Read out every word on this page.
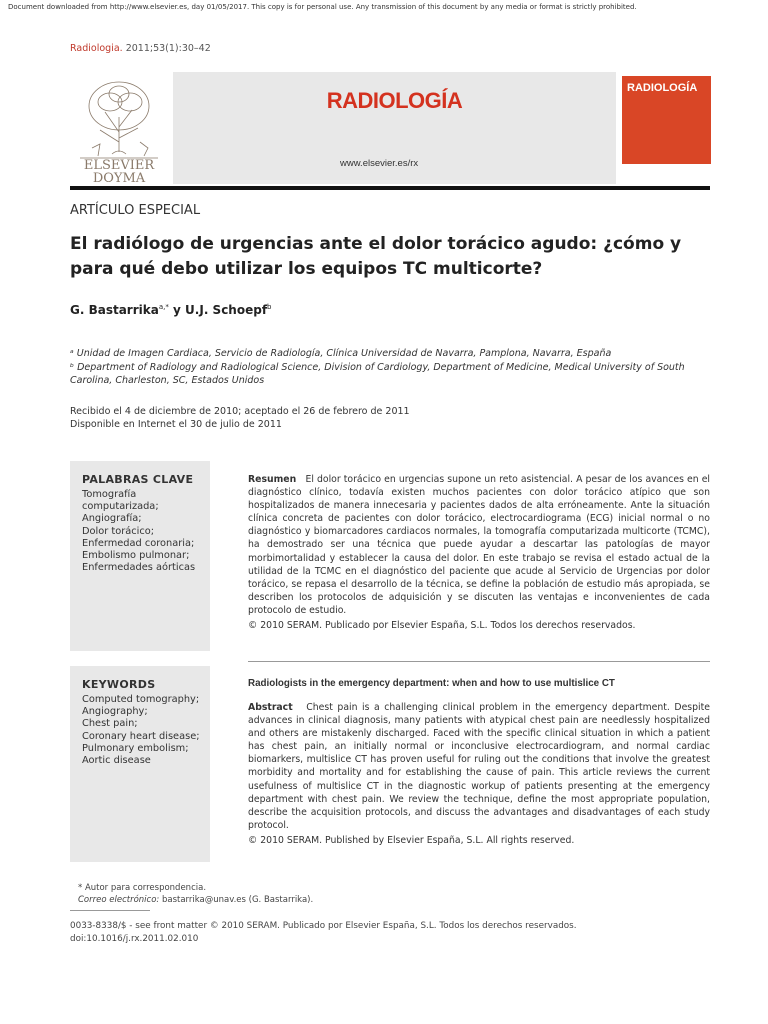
Document downloaded from http://www.elsevier.es, day 01/05/2017. This copy is for personal use. Any transmission of this document by any media or format is strictly prohibited.
Radiologia. 2011;53(1):30–42
ELSEVIER
DOYMA
RADIOLOGÍA
www.elsevier.es/rx
RADIOLOGÍA
ARTÍCULO ESPECIAL
El radiólogo de urgencias ante el dolor torácico agudo: ¿cómo y para qué debo utilizar los equipos TC multicorte?
G. Bastarrika$^{a,*}$ y U.J. Schoepf$^b$
ᵃ Unidad de Imagen Cardiaca, Servicio de Radiología, Clínica Universidad de Navarra, Pamplona, Navarra, España
ᵇ Department of Radiology and Radiological Science, Division of Cardiology, Department of Medicine, Medical University of South Carolina, Charleston, SC, Estados Unidos
Recibido el 4 de diciembre de 2010; aceptado el 26 de febrero de 2011
Disponible en Internet el 30 de julio de 2011
PALABRAS CLAVE
Tomografía computarizada;
Angiografía;
Dolor torácico;
Enfermedad coronaria;
Embolismo pulmonar;
Enfermedades aórticas
Resumen El dolor torácico en urgencias supone un reto asistencial. A pesar de los avances en el diagnóstico clínico, todavía existen muchos pacientes con dolor torácico atípico que son hospitalizados de manera innecesaria y pacientes dados de alta erróneamente. Ante la situación clínica concreta de pacientes con dolor torácico, electrocardiograma (ECG) inicial normal o no diagnóstico y biomarcadores cardiacos normales, la tomografía computarizada multicorte (TCMC), ha demostrado ser una técnica que puede ayudar a descartar las patologías de mayor morbimortalidad y establecer la causa del dolor. En este trabajo se revisa el estado actual de la utilidad de la TCMC en el diagnóstico del paciente que acude al Servicio de Urgencias por dolor torácico, se repasa el desarrollo de la técnica, se define la población de estudio más apropiada, se describen los protocolos de adquisición y se discuten las ventajas e inconvenientes de cada protocolo de estudio.
© 2010 SERAM. Publicado por Elsevier España, S.L. Todos los derechos reservados.
KEYWORDS
Computed tomography;
Angiography;
Chest pain;
Coronary heart disease;
Pulmonary embolism;
Aortic disease
Radiologists in the emergency department: when and how to use multislice CT
Abstract Chest pain is a challenging clinical problem in the emergency department. Despite advances in clinical diagnosis, many patients with atypical chest pain are needlessly hospitalized and others are mistakenly discharged. Faced with the specific clinical situation in which a patient has chest pain, an initially normal or inconclusive electrocardiogram, and normal cardiac biomarkers, multislice CT has proven useful for ruling out the conditions that involve the greatest morbidity and mortality and for establishing the cause of pain. This article reviews the current usefulness of multislice CT in the diagnostic workup of patients presenting at the emergency department with chest pain. We review the technique, define the most appropriate population, describe the acquisition protocols, and discuss the advantages and disadvantages of each study protocol.
© 2010 SERAM. Published by Elsevier España, S.L. All rights reserved.
* Autor para correspondencia.
Correo electrónico: bastarrika@unav.es (G. Bastarrika).
0033-8338/$ - see front matter © 2010 SERAM. Publicado por Elsevier España, S.L. Todos los derechos reservados.
doi:10.1016/j.rx.2011.02.010
